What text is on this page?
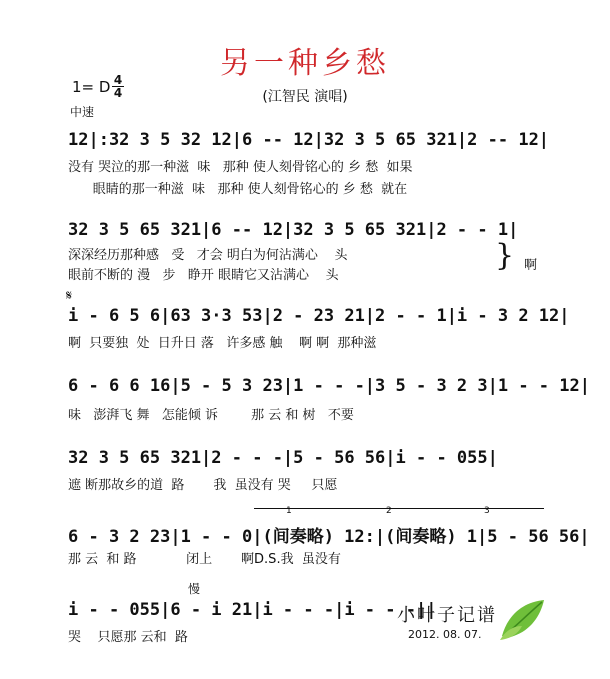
另一种乡愁
(江智民 演唱)
1= D $\frac{4}{4}$
中速
12|:32 3 5 32 12|6 -- 12|32 3 5 65 321|2 -- 12|
没有 哭泣的那一种滋  味   那种 使人刻骨铭心的 乡 愁  如果
眼睛的那一种滋  味   那种 使人刻骨铭心的 乡 愁  就在
32 3 5 65 321|6 -- 12|32 3 5 65 321|2 - - 1|
深深经历那种感   受   才会 明白为何沾满心    头
眼前不断的 漫   步   睁开 眼睛它又沾满心    头
} 啊
𝄋
i - 6 5 6|63 3·3 53|2 - 23 21|2 - - 1|i - 3 2 12|
啊  只要独  处  日升日 落   许多感 触    啊 啊  那种滋
6 - 6 6 16|5 - 5 3 23|1 - - -|3 5 - 3 2 3|1 - - 12|
味   澎湃飞 舞   怎能倾 诉        那 云 和 树   不要
32 3 5 65 321|2 - - -|5 - 56 56|i - - 055|
遮 断那故乡的道  路       我  虽没有 哭     只愿
1	2	3
6 - 3 2 23|1 - - 0|(间奏略) 12:|(间奏略) 1|5 - 56 56|
那 云  和 路            闭上       啊D.S.我  虽没有
慢
i - - 055|6 - i 21|i - - -|i - - -||
哭    只愿那 云和  路
小叶子记谱
2012. 08. 07.
